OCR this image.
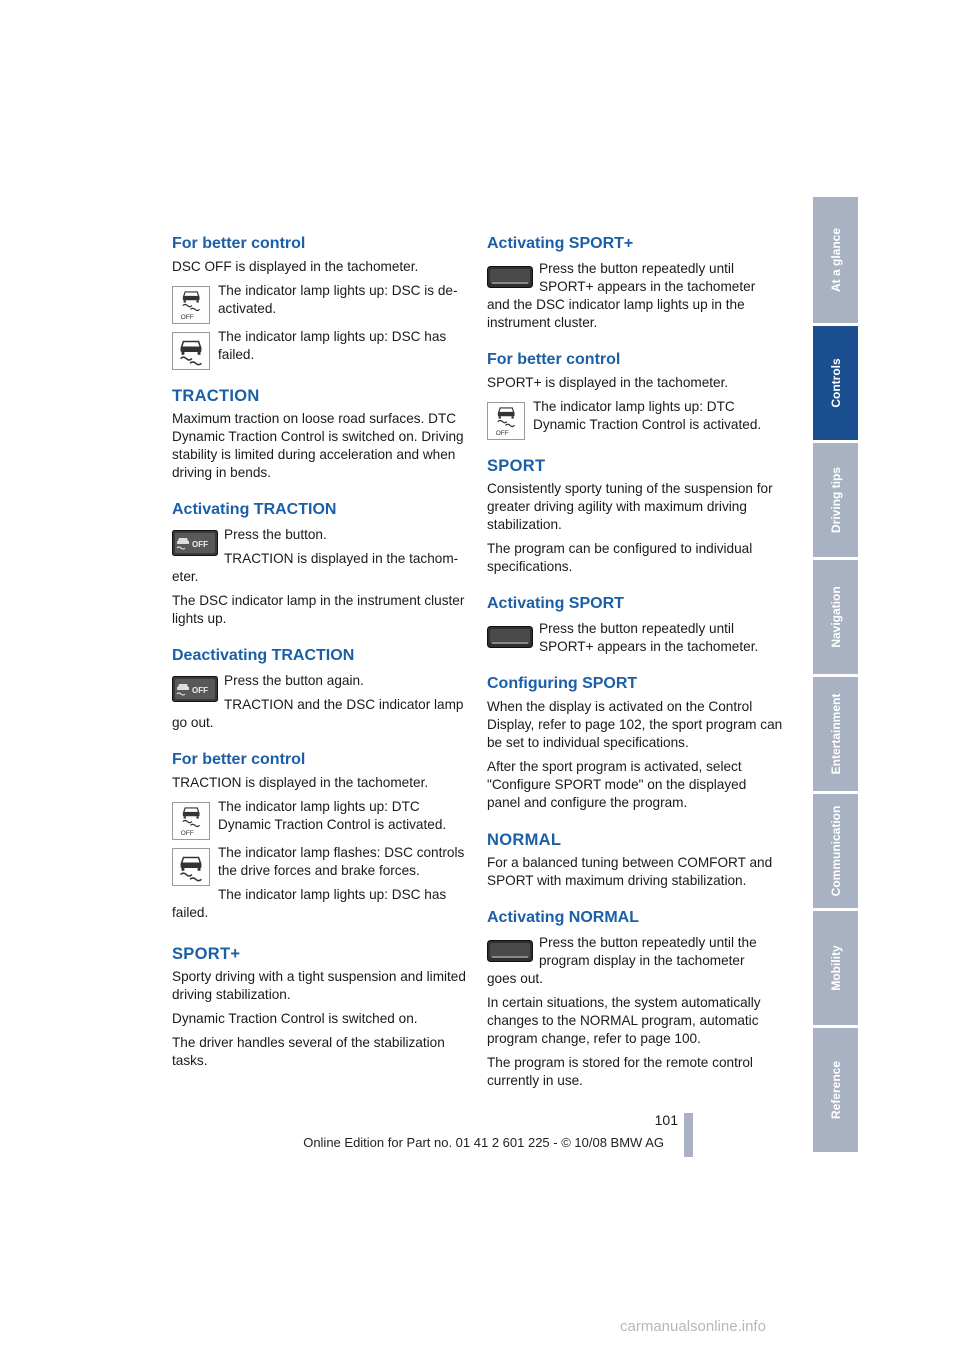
For better control
DSC OFF is displayed in the tachometer.
OFF
The indicator lamp lights up: DSC is de-activated.
The indicator lamp lights up: DSC has failed.
TRACTION
Maximum traction on loose road surfaces. DTC Dynamic Traction Control is switched on. Driving stability is limited during acceleration and when driving in bends.
Activating TRACTION
Press the button.
TRACTION is displayed in the tachom-
eter.
The DSC indicator lamp in the instrument cluster lights up.
Deactivating TRACTION
Press the button again.
TRACTION and the DSC indicator lamp
go out.
For better control
TRACTION is displayed in the tachometer.
OFF
The indicator lamp lights up: DTC Dynamic Traction Control is activated.
The indicator lamp flashes: DSC controls the drive forces and brake forces.
The indicator lamp lights up: DSC has
failed.
SPORT+
Sporty driving with a tight suspension and limited driving stabilization.
Dynamic Traction Control is switched on.
The driver handles several of the stabilization tasks.
Activating SPORT+
Press the button repeatedly until SPORT+ appears in the tachometer
and the DSC indicator lamp lights up in the instrument cluster.
For better control
SPORT+ is displayed in the tachometer.
OFF
The indicator lamp lights up: DTC Dynamic Traction Control is activated.
SPORT
Consistently sporty tuning of the suspension for greater driving agility with maximum driving stabilization.
The program can be configured to individual specifications.
Activating SPORT
Press the button repeatedly until SPORT+ appears in the tachometer.
Configuring SPORT
When the display is activated on the Control Display, refer to page 102, the sport program can be set to individual specifications.
After the sport program is activated, select "Configure SPORT mode" on the displayed panel and configure the program.
NORMAL
For a balanced tuning between COMFORT and SPORT with maximum driving stabilization.
Activating NORMAL
Press the button repeatedly until the program display in the tachometer
goes out.
In certain situations, the system automatically changes to the NORMAL program, automatic program change, refer to page 100.
The program is stored for the remote control currently in use.
At a glance
Controls
Driving tips
Navigation
Entertainment
Communication
Mobility
Reference
101
Online Edition for Part no. 01 41 2 601 225 - © 10/08 BMW AG
carmanualsonline.info
